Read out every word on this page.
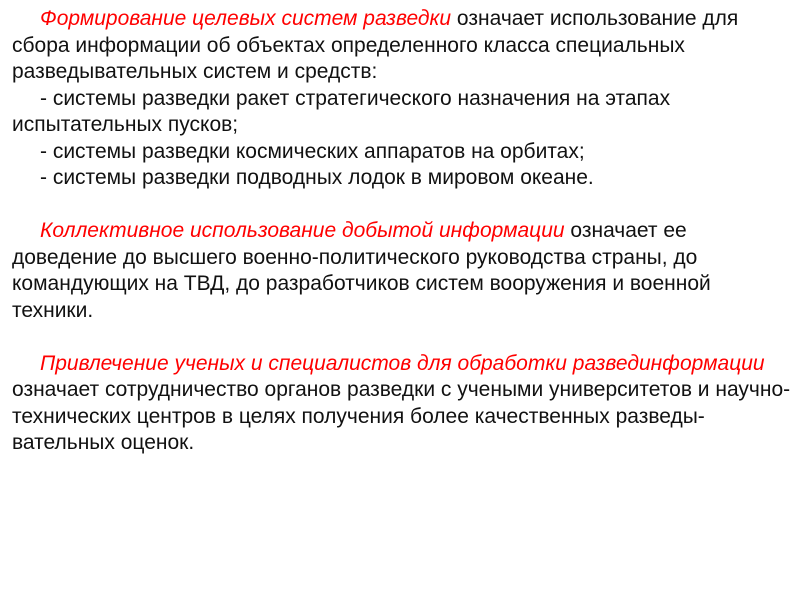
Формирование целевых систем разведки означает использование для сбора информации об объектах определенного класса специальных разведывательных систем и средств:

- системы разведки ракет стратегического назначения на этапах испытательных пусков;

- системы разведки космических аппаратов на орбитах;

- системы разведки подводных лодок в мировом океане.

Коллективное использование добытой информации означает ее доведение до высшего военно-политического руководства страны, до командующих на ТВД, до разработчиков систем вооружения и военной техники.

Привлечение ученых и специалистов для обработки развединформации означает сотрудничество органов разведки с учеными университетов и научно-технических центров в целях получения более качественных разведы-вательных оценок.
